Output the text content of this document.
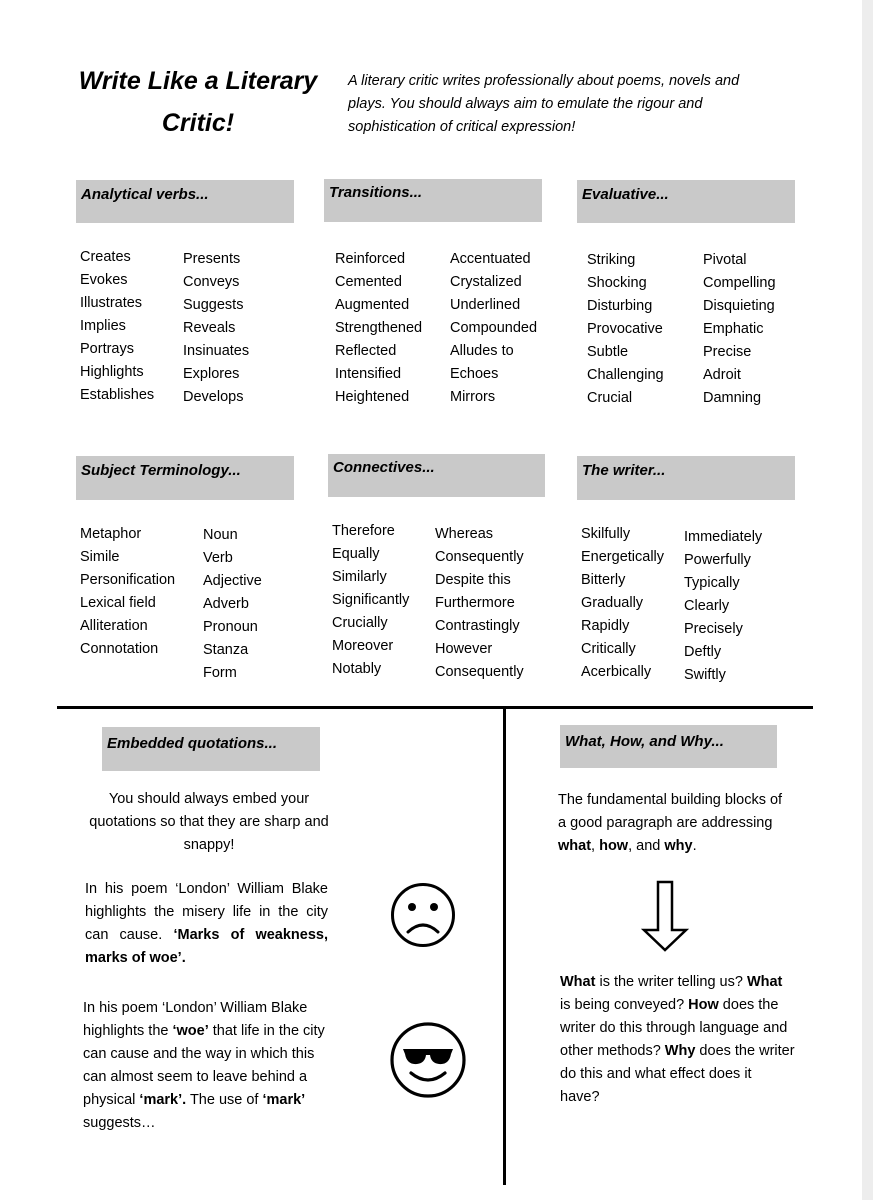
Write Like a Literary Critic!
A literary critic writes professionally about poems, novels and plays. You should always aim to emulate the rigour and sophistication of critical expression!
Analytical verbs...	Transitions...	Evaluative...
Creates
Evokes
Illustrates
Implies
Portrays
Highlights
Establishes
Presents
Conveys
Suggests
Reveals
Insinuates
Explores
Develops
Reinforced
Cemented
Augmented
Strengthened
Reflected
Intensified
Heightened
Accentuated
Crystalized
Underlined
Compounded
Alludes to
Echoes
Mirrors
Striking
Shocking
Disturbing
Provocative
Subtle
Challenging
Crucial
Pivotal
Compelling
Disquieting
Emphatic
Precise
Adroit
Damning
Subject Terminology...	Connectives...	The writer...
Metaphor
Simile
Personification
Lexical field
Alliteration
Connotation
Noun
Verb
Adjective
Adverb
Pronoun
Stanza
Form
Therefore
Equally
Similarly
Significantly
Crucially
Moreover
Notably
Whereas
Consequently
Despite this
Furthermore
Contrastingly
However
Consequently
Skilfully
Energetically
Bitterly
Gradually
Rapidly
Critically
Acerbically
Immediately
Powerfully
Typically
Clearly
Precisely
Deftly
Swiftly
Embedded quotations...
You should always embed your quotations so that they are sharp and snappy!
In his poem ‘London’ William Blake highlights the misery life in the city can cause. ‘Marks of weakness, marks of woe’.
In his poem ‘London’ William Blake highlights the ‘woe’ that life in the city can cause and the way in which this can almost seem to leave behind a physical ‘mark’. The use of ‘mark’ suggests…
What, How, and Why...
The fundamental building blocks of a good paragraph are addressing what, how, and why.
What is the writer telling us? What is being conveyed? How does the writer do this through language and other methods? Why does the writer do this and what effect does it have?
